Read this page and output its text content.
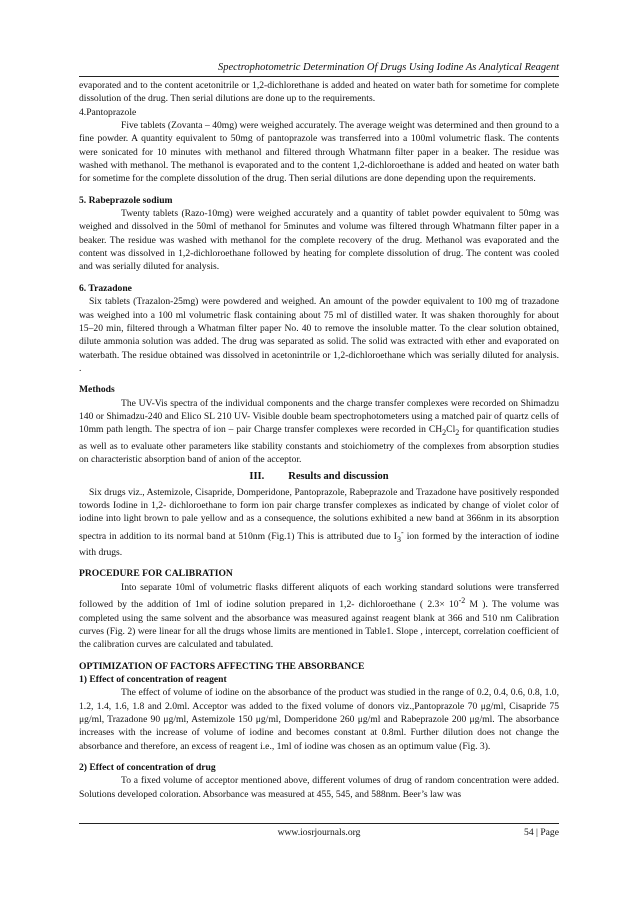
Spectrophotometric Determination Of Drugs Using Iodine As Analytical Reagent

evaporated and to the content acetonitrile or 1,2-dichlorethane is added and heated on water bath for sometime for complete dissolution of the drug. Then serial dilutions are done up to the requirements.

4.Pantoprazole

Five tablets (Zovanta – 40mg) were weighed accurately. The average weight was determined and then ground to a fine powder. A quantity equivalent to 50mg of pantoprazole was transferred into a 100ml volumetric flask. The contents were sonicated for 10 minutes with methanol and filtered through Whatmann filter paper in a beaker. The residue was washed with methanol. The methanol is evaporated and to the content 1,2-dichloroethane is added and heated on water bath for sometime for the complete dissolution of the drug. Then serial dilutions are done depending upon the requirements.

5. Rabeprazole sodium

Twenty tablets (Razo-10mg) were weighed accurately and a quantity of tablet powder equivalent to 50mg was weighed and dissolved in the 50ml of methanol for 5minutes and volume was filtered through Whatmann filter paper in a beaker. The residue was washed with methanol for the complete recovery of the drug. Methanol was evaporated and the content was dissolved in 1,2-dichloroethane followed by heating for complete dissolution of drug. The content was cooled and was serially diluted for analysis.

6. Trazadone

Six tablets (Trazalon-25mg) were powdered and weighed. An amount of the powder equivalent to 100 mg of trazadone was weighed into a 100 ml volumetric flask containing about 75 ml of distilled water. It was shaken thoroughly for about 15–20 min, filtered through a Whatman filter paper No. 40 to remove the insoluble matter. To the clear solution obtained, dilute ammonia solution was added. The drug was separated as solid. The solid was extracted with ether and evaporated on waterbath. The residue obtained was dissolved in acetonintrile or 1,2-dichloroethane which was serially diluted for analysis. .

Methods

The UV-Vis spectra of the individual components and the charge transfer complexes were recorded on Shimadzu 140 or Shimadzu-240 and Elico SL 210 UV- Visible double beam spectrophotometers using a matched pair of quartz cells of 10mm path length. The spectra of ion – pair Charge transfer complexes were recorded in $CH_2Cl_2$ for quantification studies as well as to evaluate other parameters like stability constants and stoichiometry of the complexes from absorption studies on characteristic absorption band of anion of the acceptor.

III. Results and discussion

Six drugs viz., Astemizole, Cisapride, Domperidone, Pantoprazole, Rabeprazole and Trazadone have positively responded towords Iodine in 1,2- dichloroethane to form ion pair charge transfer complexes as indicated by change of violet color of iodine into light brown to pale yellow and as a consequence, the solutions exhibited a new band at 366nm in its absorption spectra in addition to its normal band at 510nm (Fig.1) This is attributed due to $I_3^-$ ion formed by the interaction of iodine with drugs.

PROCEDURE FOR CALIBRATION

Into separate 10ml of volumetric flasks different aliquots of each working standard solutions were transferred followed by the addition of 1ml of iodine solution prepared in 1,2- dichloroethane ( $2.3\times 10^{-2}$ M ). The volume was completed using the same solvent and the absorbance was measured against reagent blank at 366 and 510 nm Calibration curves (Fig. 2) were linear for all the drugs whose limits are mentioned in Table1. Slope , intercept, correlation coefficient of the calibration curves are calculated and tabulated.

OPTIMIZATION OF FACTORS AFFECTING THE ABSORBANCE

1) Effect of concentration of reagent

The effect of volume of iodine on the absorbance of the product was studied in the range of 0.2, 0.4, 0.6, 0.8, 1.0, 1.2, 1.4, 1.6, 1.8 and 2.0ml. Acceptor was added to the fixed volume of donors viz.,Pantoprazole 70 μg/ml, Cisapride 75 μg/ml, Trazadone 90 μg/ml, Astemizole 150 μg/ml, Domperidone 260 μg/ml and Rabeprazole 200 μg/ml. The absorbance increases with the increase of volume of iodine and becomes constant at 0.8ml. Further dilution does not change the absorbance and therefore, an excess of reagent i.e., 1ml of iodine was chosen as an optimum value (Fig. 3).

2) Effect of concentration of drug

To a fixed volume of acceptor mentioned above, different volumes of drug of random concentration were added. Solutions developed coloration. Absorbance was measured at 455, 545, and 588nm. Beer’s law was

www.iosrjournals.org	54 | Page
